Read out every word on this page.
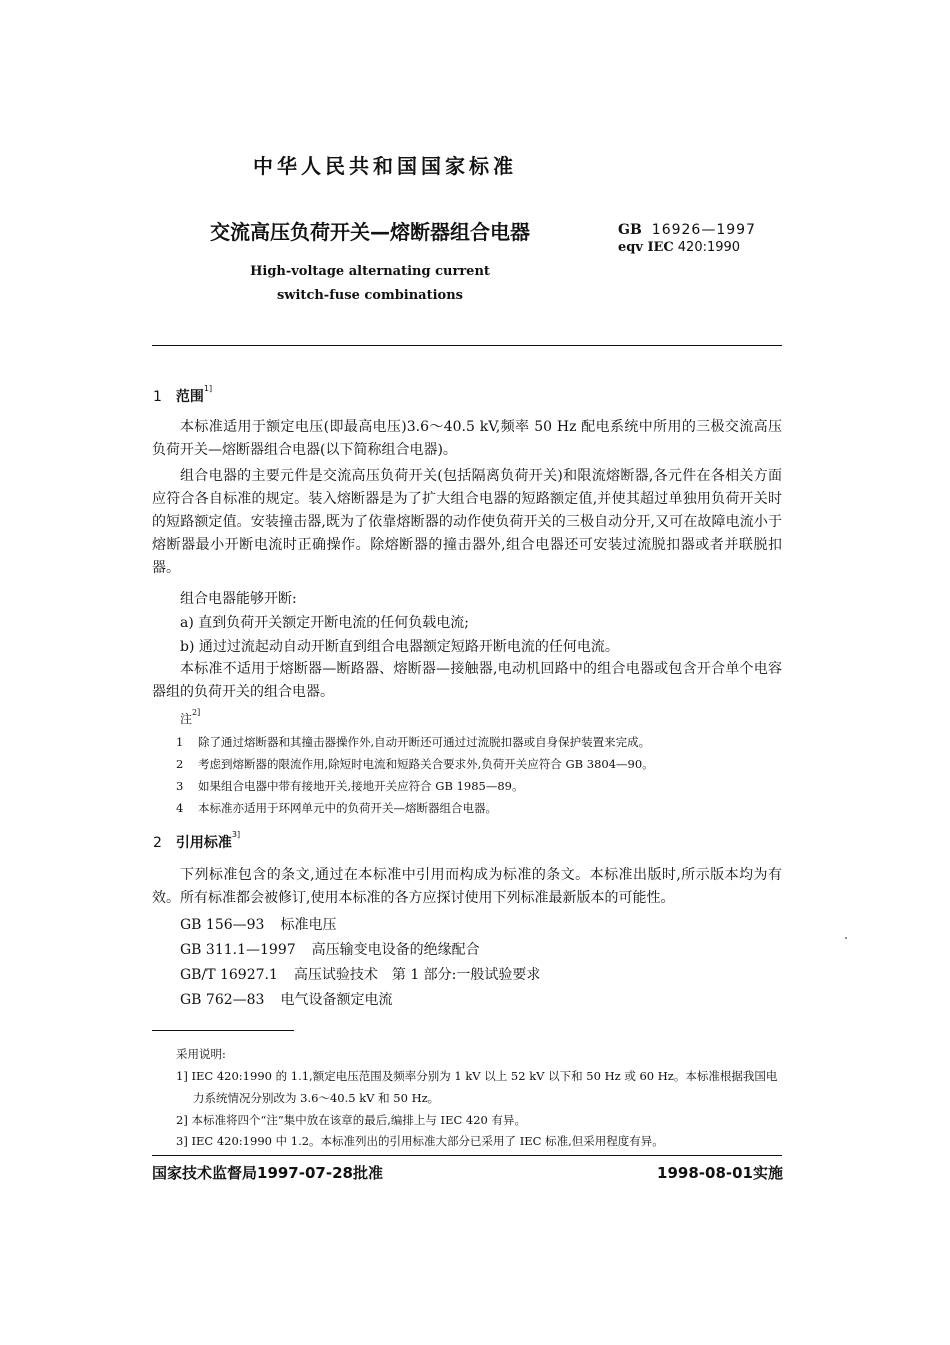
中华人民共和国国家标准
交流高压负荷开关—熔断器组合电器	GB 16926—1997
eqv IEC 420:1990
High-voltage alternating current
switch-fuse combinations
1 范围$^{1]}$
本标准适用于额定电压(即最高电压)3.6～40.5 kV,频率 50 Hz 配电系统中所用的三极交流高压负荷开关—熔断器组合电器(以下简称组合电器)。
组合电器的主要元件是交流高压负荷开关(包括隔离负荷开关)和限流熔断器,各元件在各相关方面应符合各自标准的规定。装入熔断器是为了扩大组合电器的短路额定值,并使其超过单独用负荷开关时的短路额定值。安装撞击器,既为了依靠熔断器的动作使负荷开关的三极自动分开,又可在故障电流小于熔断器最小开断电流时正确操作。除熔断器的撞击器外,组合电器还可安装过流脱扣器或者并联脱扣器。
组合电器能够开断:
a) 直到负荷开关额定开断电流的任何负载电流;
b) 通过过流起动自动开断直到组合电器额定短路开断电流的任何电流。
本标准不适用于熔断器—断路器、熔断器—接触器,电动机回路中的组合电器或包含开合单个电容器组的负荷开关的组合电器。
注$^{2]}$
1 除了通过熔断器和其撞击器操作外,自动开断还可通过过流脱扣器或自身保护装置来完成。
2 考虑到熔断器的限流作用,除短时电流和短路关合要求外,负荷开关应符合 GB 3804—90。
3 如果组合电器中带有接地开关,接地开关应符合 GB 1985—89。
4 本标准亦适用于环网单元中的负荷开关—熔断器组合电器。
2 引用标准$^{3]}$
下列标准包含的条文,通过在本标准中引用而构成为标准的条文。本标准出版时,所示版本均为有效。所有标准都会被修订,使用本标准的各方应探讨使用下列标准最新版本的可能性。
GB 156—93 标准电压
GB 311.1—1997 高压输变电设备的绝缘配合
GB/T 16927.1 高压试验技术　第 1 部分:一般试验要求
GB 762—83 电气设备额定电流
采用说明:
1] IEC 420:1990 的 1.1,额定电压范围及频率分别为 1 kV 以上 52 kV 以下和 50 Hz 或 60 Hz。本标准根据我国电
力系统情况分别改为 3.6～40.5 kV 和 50 Hz。
2] 本标准将四个“注”集中放在该章的最后,编排上与 IEC 420 有异。
3] IEC 420:1990 中 1.2。本标准列出的引用标准大部分已采用了 IEC 标准,但采用程度有异。
国家技术监督局1997-07-28批准	1998-08-01实施
